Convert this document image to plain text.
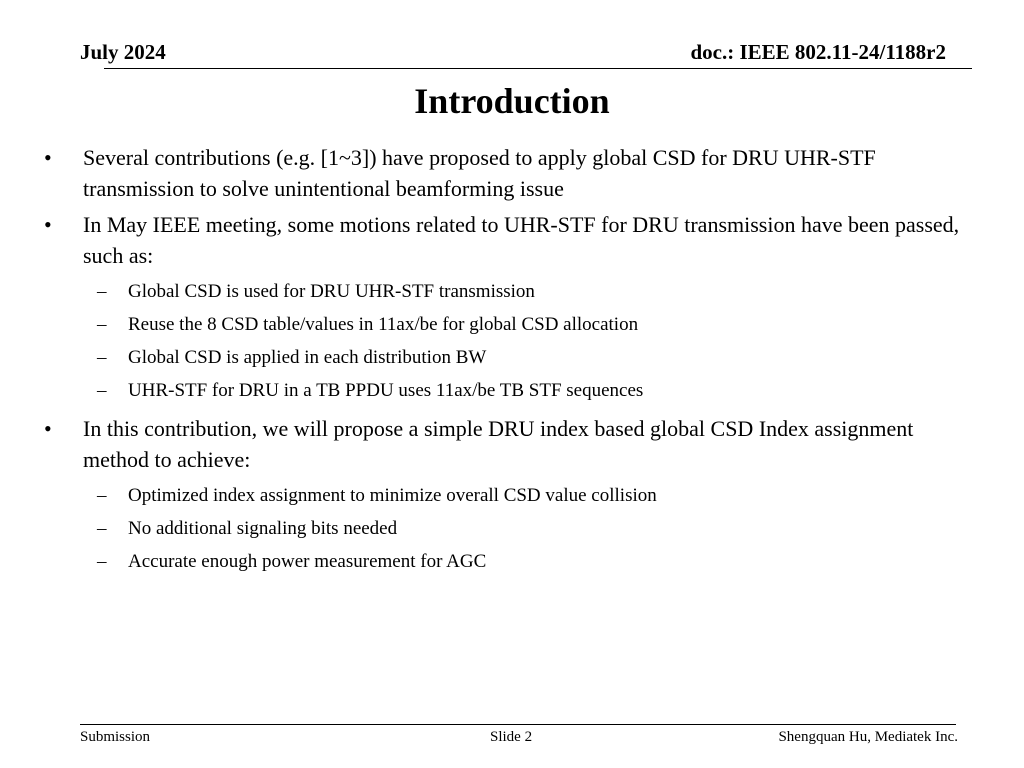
July 2024	doc.: IEEE 802.11-24/1188r2
Introduction
•	Several contributions (e.g. [1~3]) have proposed to apply global CSD for DRU UHR-STF transmission to solve unintentional beamforming issue
•	In May IEEE meeting, some motions related to UHR-STF for DRU transmission have been passed, such as:
–	Global CSD is used for DRU UHR-STF transmission
–	Reuse the 8 CSD table/values in 11ax/be for global CSD allocation
–	Global CSD is applied in each distribution BW
–	UHR-STF for DRU in a TB PPDU uses 11ax/be TB STF sequences
•	In this contribution, we will propose a simple DRU index based global CSD Index assignment method to achieve:
–	Optimized index assignment to minimize overall CSD value collision
–	No additional signaling bits needed
–	Accurate enough power measurement for AGC
Submission	Slide 2	Shengquan Hu, Mediatek Inc.
